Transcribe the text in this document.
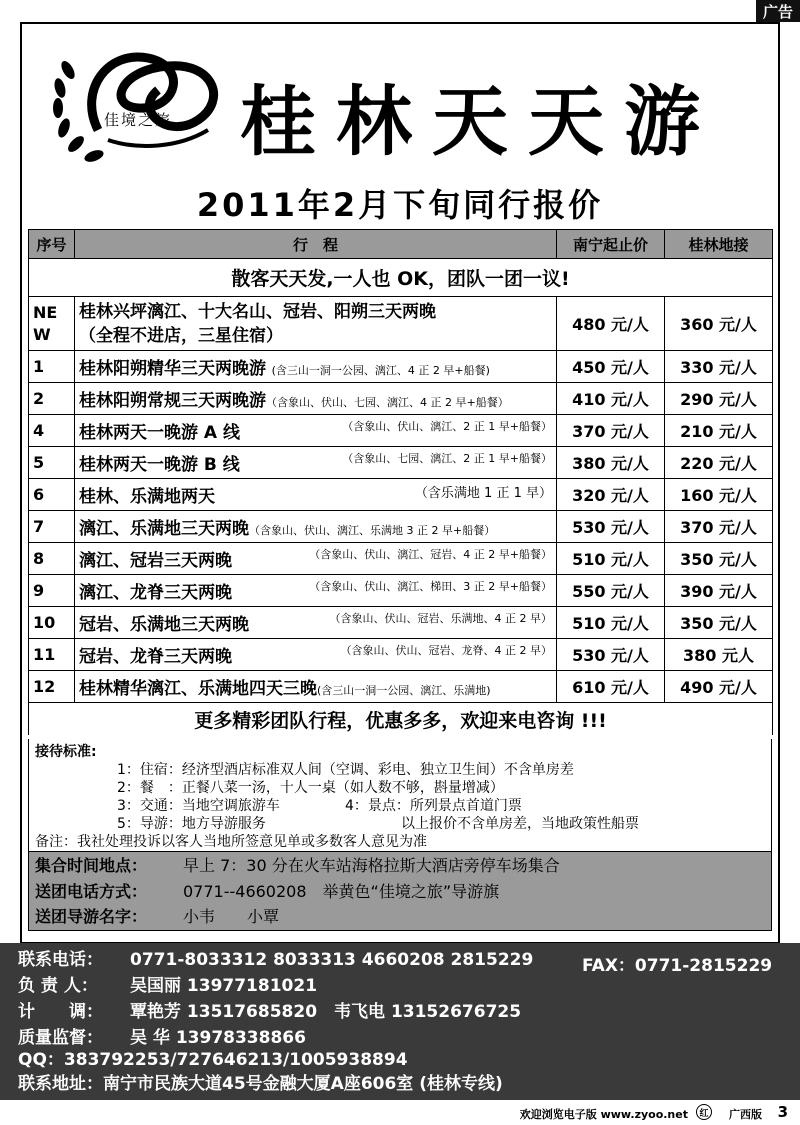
广告
佳境之旅 桂林天天游
2011年2月下旬同行报价
序号	行　程	南宁起止价	桂林地接
散客天天发,一人也 OK，团队一团一议!			
NEW	桂林兴坪漓江、十大名山、冠岩、阳朔三天两晚
（全程不进店，三星住宿）	480 元/人	360 元/人
1	桂林阳朔精华三天两晚游 (含三山一洞一公园、漓江、4 正 2 早+船餐)	450 元/人	330 元/人
2	桂林阳朔常规三天两晚游（含象山、伏山、七园、漓江、4 正 2 早+船餐）	410 元/人	290 元/人
4	桂林两天一晚游 A 线 （含象山、伏山、漓江、2 正 1 早+船餐）	370 元/人	210 元/人
5	桂林两天一晚游 B 线 （含象山、七园、漓江、2 正 1 早+船餐）	380 元/人	220 元/人
6	桂林、乐满地两天 （含乐满地 1 正 1 早）	320 元/人	160 元/人
7	漓江、乐满地三天两晚（含象山、伏山、漓江、乐满地 3 正 2 早+船餐）	530 元/人	370 元/人
8	漓江、冠岩三天两晚 （含象山、伏山、漓江、冠岩、4 正 2 早+船餐）	510 元/人	350 元/人
9	漓江、龙脊三天两晚 （含象山、伏山、漓江、梯田、3 正 2 早+船餐）	550 元/人	390 元/人
10	冠岩、乐满地三天两晚 （含象山、伏山、冠岩、乐满地、4 正 2 早）	510 元/人	350 元/人
11	冠岩、龙脊三天两晚 （含象山、伏山、冠岩、龙脊、4 正 2 早）	530 元/人	380 元人
12	桂林精华漓江、乐满地四天三晚(含三山一洞一公园、漓江、乐满地)	610 元/人	490 元/人
更多精彩团队行程，优惠多多，欢迎来电咨询 !!!			
接待标准:
1：住宿：经济型酒店标准双人间（空调、彩电、独立卫生间）不含单房差
2：餐　：正餐八菜一汤，十人一桌（如人数不够，斟量增减）
3：交通：当地空调旅游车	4：景点：所列景点首道门票
5：导游：地方导游服务	以上报价不含单房差，当地政策性船票
备注：我社处理投诉以客人当地所签意见单或多数客人意见为准
集合时间地点： 早上 7：30 分在火车站海格拉斯大酒店旁停车场集合
送团电话方式： 0771--4660208　举黄色“佳境之旅”导游旗
送团导游名字： 小韦　　小覃
联系电话： 0771-8033312 8033313 4660208 2815229	FAX：0771-2815229
负 责 人： 吴国丽 13977181021
计　　调： 覃艳芳 13517685820　韦飞电 13152676725
质量监督： 吴 华 13978338866
QQ：383792253/727646213/1005938894
联系地址：南宁市民族大道45号金融大厦A座606室 (桂林专线)
欢迎浏览电子版 www.zyoo.net	红	广西版 3
